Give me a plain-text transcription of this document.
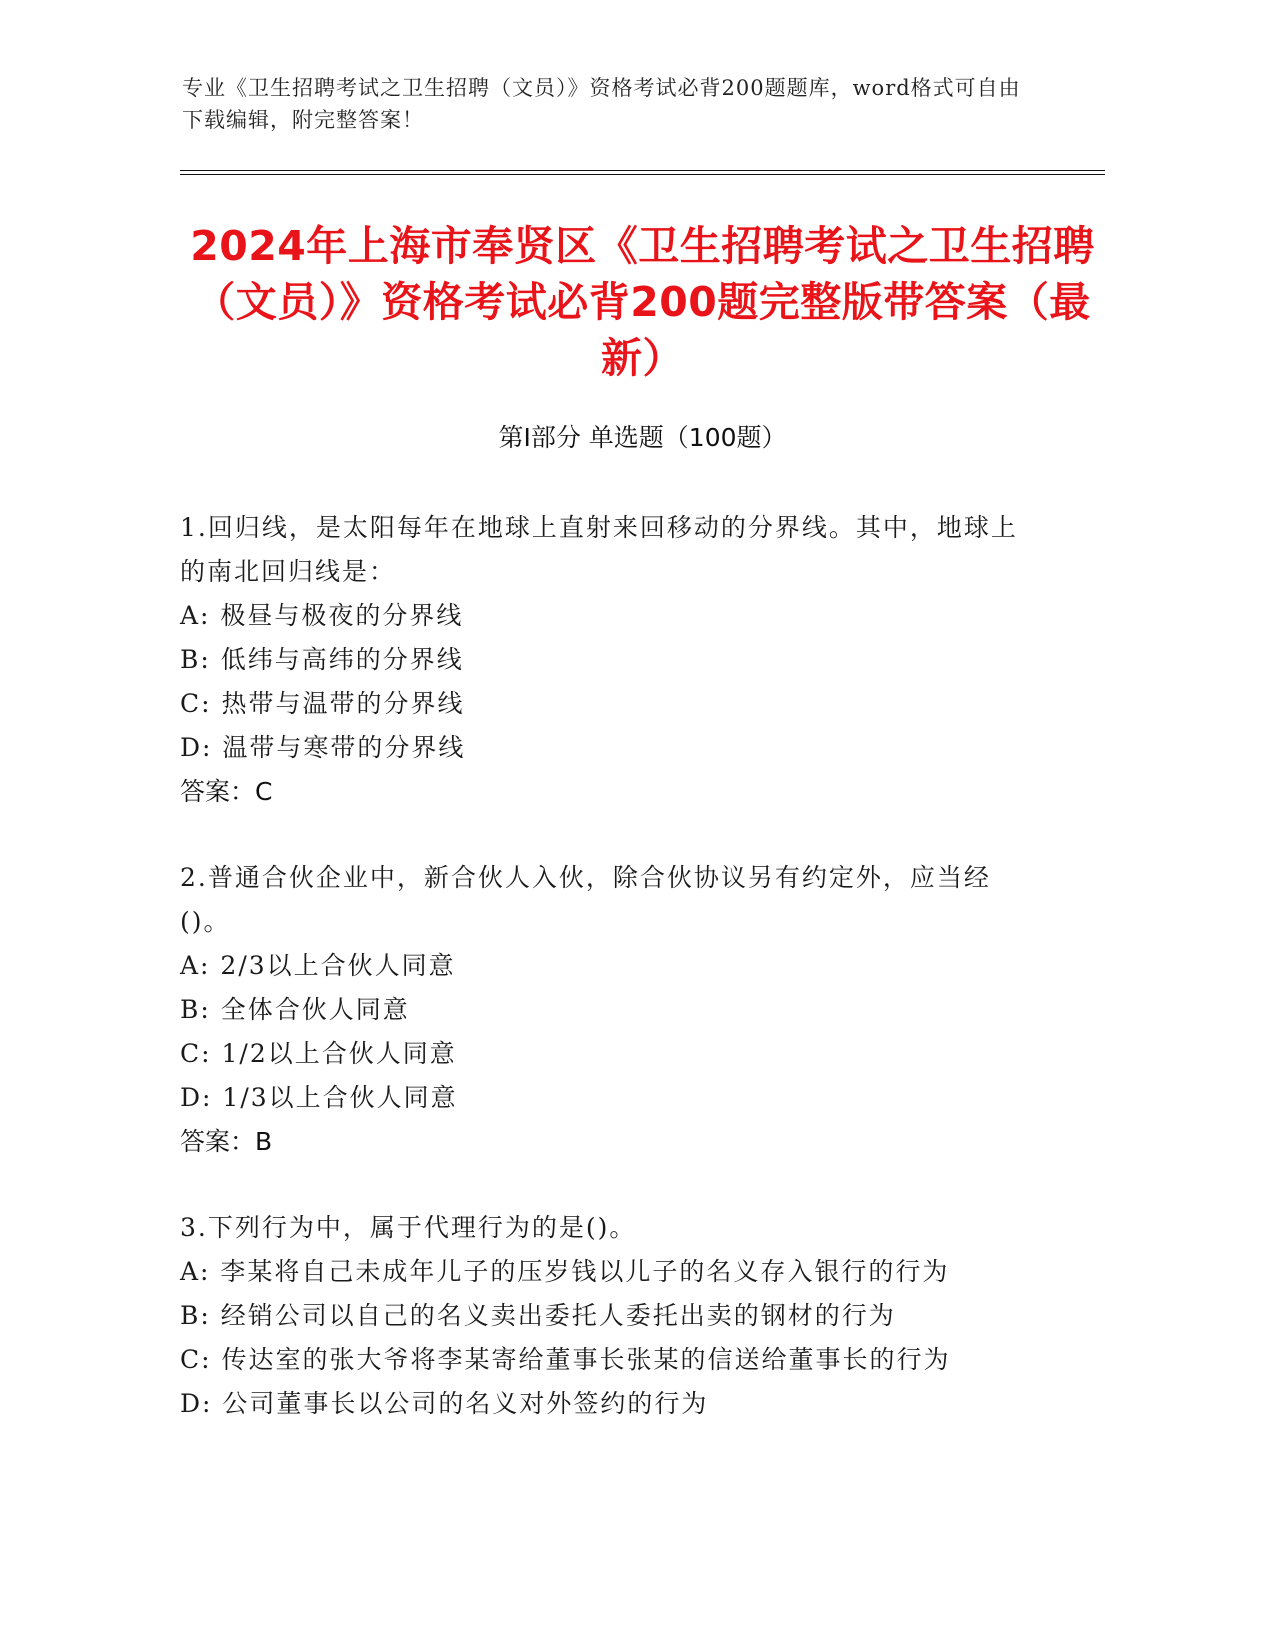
专业《卫生招聘考试之卫生招聘（文员）》资格考试必背200题题库，word格式可自由下载编辑，附完整答案！
2024年上海市奉贤区《卫生招聘考试之卫生招聘（文员）》资格考试必背200题完整版带答案（最新）
第I部分 单选题（100题）
1.回归线，是太阳每年在地球上直射来回移动的分界线。其中，地球上的南北回归线是：
A: 极昼与极夜的分界线
B: 低纬与高纬的分界线
C: 热带与温带的分界线
D: 温带与寒带的分界线
答案：C
2.普通合伙企业中，新合伙人入伙，除合伙协议另有约定外，应当经()。
A: 2/3以上合伙人同意
B: 全体合伙人同意
C: 1/2以上合伙人同意
D: 1/3以上合伙人同意
答案：B
3.下列行为中，属于代理行为的是()。
A: 李某将自己未成年儿子的压岁钱以儿子的名义存入银行的行为
B: 经销公司以自己的名义卖出委托人委托出卖的钢材的行为
C: 传达室的张大爷将李某寄给董事长张某的信送给董事长的行为
D: 公司董事长以公司的名义对外签约的行为
